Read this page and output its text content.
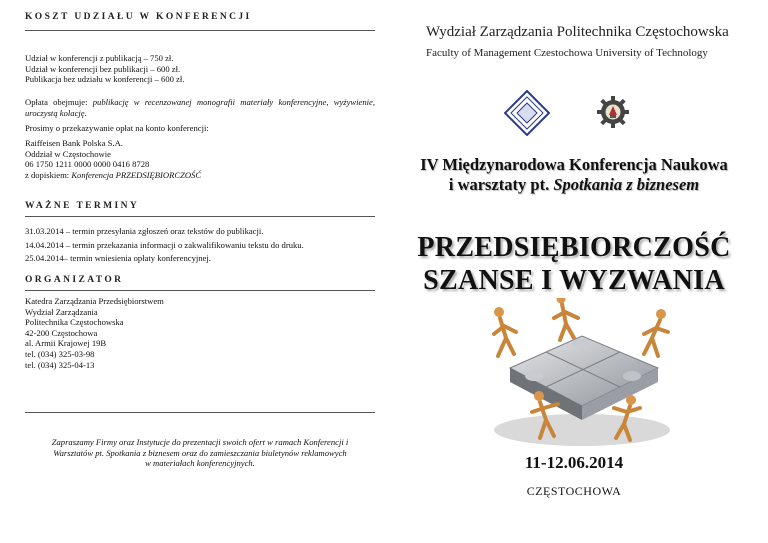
KOSZT UDZIAŁU W KONFERENCJI
Udział w konferencji z publikacją – 750 zł.
Udział w konferencji bez publikacji – 600 zł.
Publikacja bez udziału w konferencji – 600 zł.
Opłata obejmuje: publikację w recenzowanej monografii materiały konferencyjne, wyżywienie, uroczystą kolację.
Prosimy o przekazywanie opłat na konto konferencji:
Raiffeisen Bank Polska S.A.
Oddział w Częstochowie
06 1750 1211 0000 0000 0416 8728
z dopiskiem: Konferencja PRZEDSIĘBIORCZOŚĆ
WAŻNE TERMINY
31.03.2014 – termin przesyłania zgłoszeń oraz tekstów do publikacji.
14.04.2014 – termin przekazania informacji o zakwalifikowaniu tekstu do druku.
25.04.2014– termin wniesienia opłaty konferencyjnej.
ORGANIZATOR
Katedra Zarządzania Przedsiębiorstwem
Wydział Zarządzania
Politechnika Częstochowska
42-200 Częstochowa
al. Armii Krajowej 19B
tel. (034) 325-03-98
tel. (034) 325-04-13
Zapraszamy Firmy oraz Instytucje do prezentacji swoich ofert w ramach Konferencji i Warsztatów pt. Spotkania z biznesem oraz do zamieszczania biuletynów reklamowych w materiałach konferencyjnych.
Wydział Zarządzania Politechnika Częstochowska
Faculty of Management Czestochowa University of Technology
IV Międzynarodowa Konferencja Naukowa
i warsztaty pt. Spotkania z biznesem
PRZEDSIĘBIORCZOŚĆ
SZANSE I WYZWANIA
11-12.06.2014
CZĘSTOCHOWA
